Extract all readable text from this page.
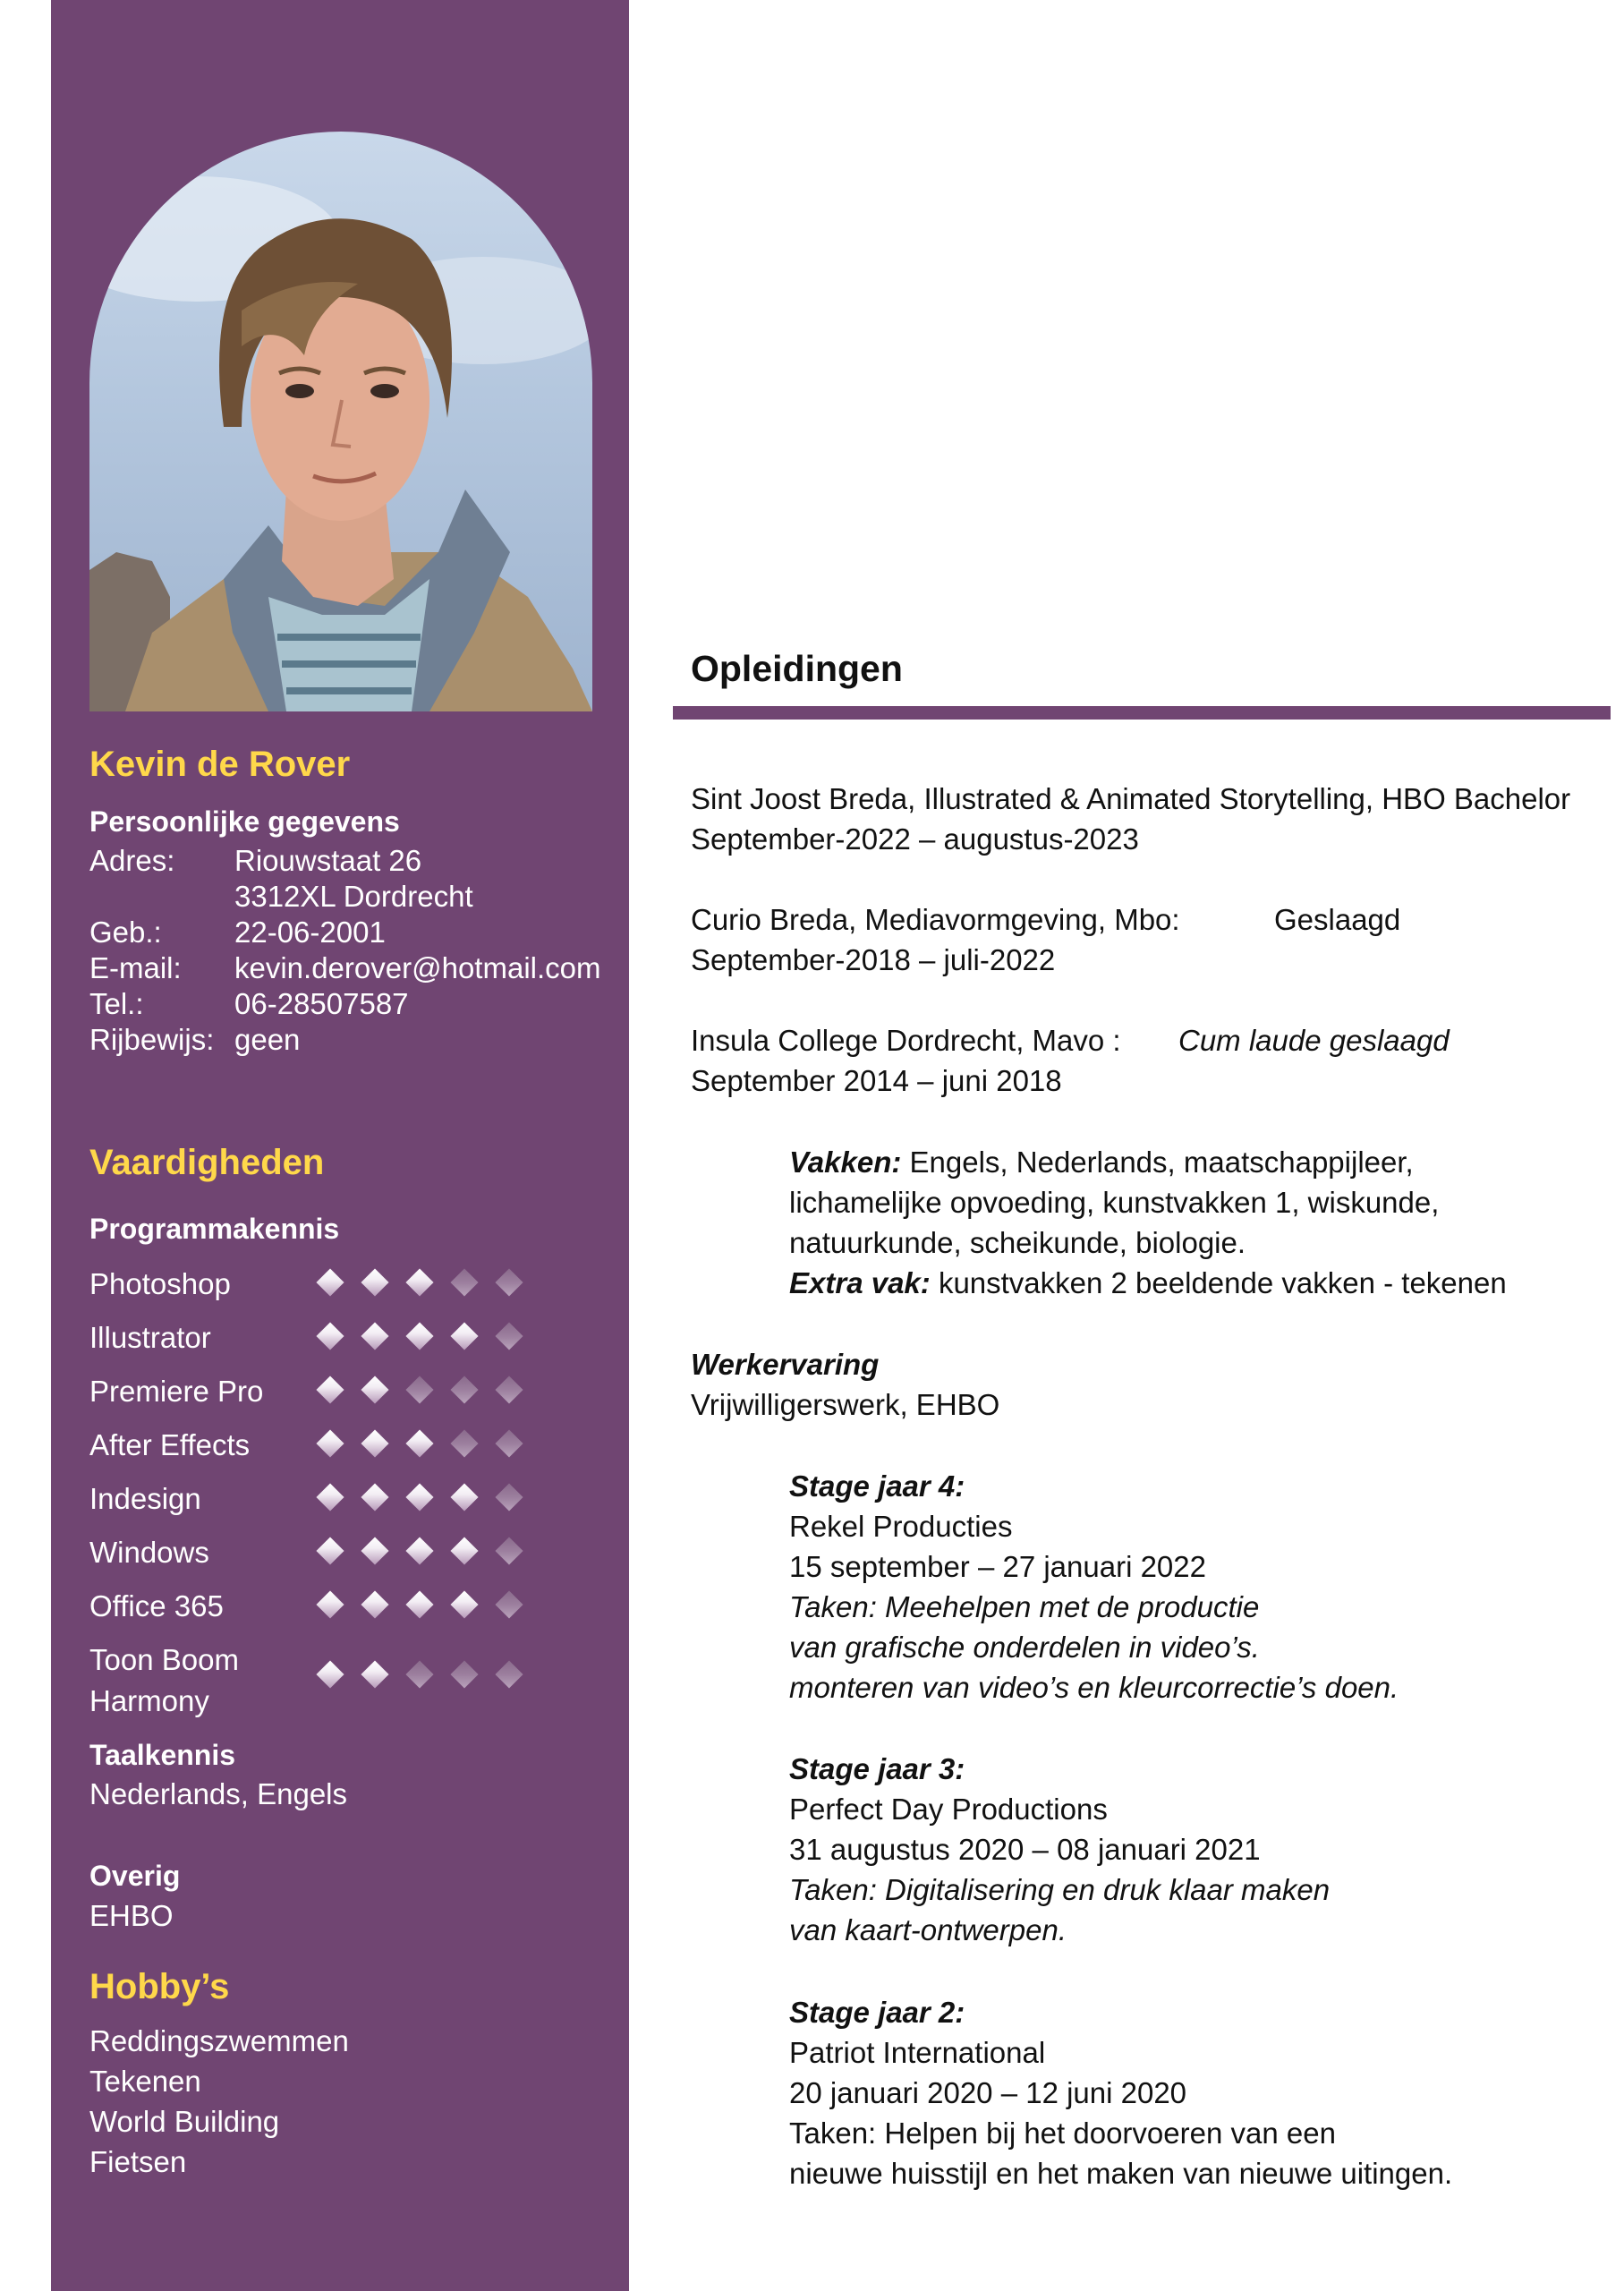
Kevin de Rover
Persoonlijke gegevens
Adres: Riouwstaat 26
3312XL Dordrecht
Geb.: 22-06-2001
E-mail: kevin.derover@hotmail.com
Tel.:	06-28507587
Rijbewijs: geen
Vaardigheden
Programmakennis
Photoshop
Illustrator
Premiere Pro
After Effects
Indesign
Windows
Office 365
Toon Boom
Harmony
Taalkennis
Nederlands, Engels
Overig
EHBO
Hobby’s
Reddingszwemmen
Tekenen
World Building
Fietsen
Opleidingen
Sint Joost Breda, Illustrated & Animated Storytelling, HBO Bachelor
September-2022 – augustus-2023
Curio Breda, Mediavormgeving, Mbo:	Geslaagd
September-2018 – juli-2022
Insula College Dordrecht, Mavo : Cum laude geslaagd
September 2014 – juni 2018
Vakken: Engels, Nederlands, maatschappijleer,
lichamelijke opvoeding, kunstvakken 1, wiskunde,
natuurkunde, scheikunde, biologie.
Extra vak: kunstvakken 2 beeldende vakken - tekenen
Werkervaring
Vrijwilligerswerk, EHBO
Stage jaar 4:
Rekel Producties
15 september – 27 januari 2022
Taken: Meehelpen met de productie
van grafische onderdelen in video’s.
monteren van video’s en kleurcorrectie’s doen.
Stage jaar 3:
Perfect Day Productions
31 augustus 2020 – 08 januari 2021
Taken: Digitalisering en druk klaar maken
van kaart-ontwerpen.
Stage jaar 2:
Patriot International
20 januari 2020 – 12 juni 2020
Taken: Helpen bij het doorvoeren van een
nieuwe huisstijl en het maken van nieuwe uitingen.
